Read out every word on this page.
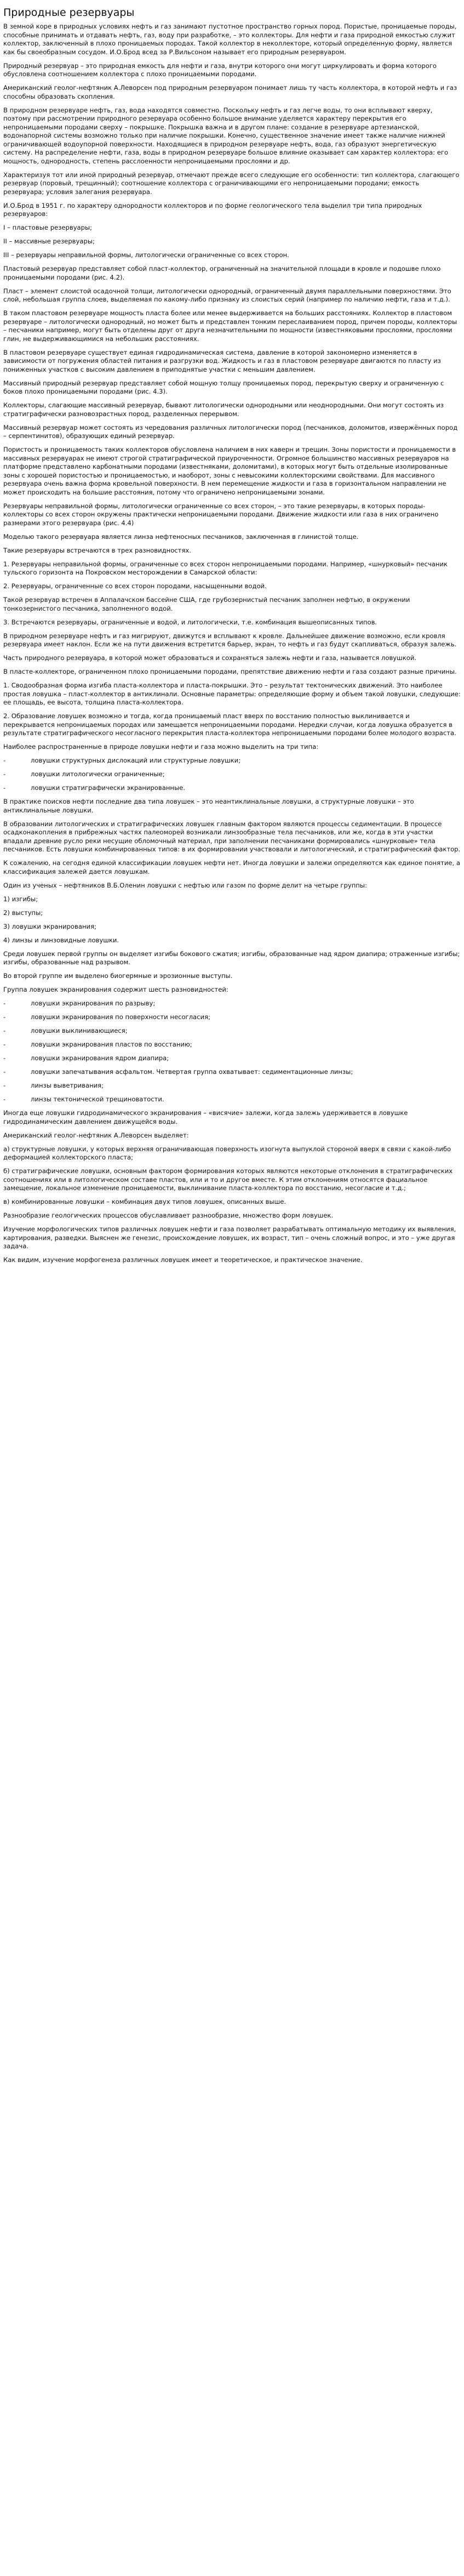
Природные резервуары

В земной коре в природных условиях нефть и газ занимают пустотное пространство горных пород. Пористые, проницаемые породы, способные принимать и отдавать нефть, газ, воду при разработке, – это коллекторы. Для нефти и газа природной емкостью служит коллектор, заключенный в плохо проницаемых породах. Такой коллектор в неколлекторе, который определенную форму, является как бы своеобразным сосудом. И.О.Брод всед за Р.Вильсоном называет его природным резервуаром.

Природный резервуар – это природная емкость для нефти и газа, внутри которого они могут циркулировать и форма которого обусловлена соотношением коллектора с плохо проницаемыми породами.

Американский геолог-нефтяник А.Леворсен под природным резервуаром понимает лишь ту часть коллектора, в которой нефть и газ способны образовать скопления.

В природном резервуаре нефть, газ, вода находятся совместно. Поскольку нефть и газ легче воды, то они всплывают кверху, поэтому при рассмотрении природного резервуара особенно большое внимание уделяется характеру перекрытия его непроницаемыми породами сверху – покрышке. Покрышка важна и в другом плане: создание в резервуаре артезианской, водонапорной системы возможно только при наличие покрышки. Конечно, существенное значение имеет также наличие нижней ограничивающей водоупорной поверхности. Находящиеся в природном резервуаре нефть, вода, газ образуют энергетическую систему. На распределение нефти, газа, воды в природном резервуаре большое влияние оказывает сам характер коллектора: его мощность, однородность, степень расслоенности непроницаемыми прослоями и др.

Характеризуя тот или иной природный резервуар, отмечают прежде всего следующие его особенности: тип коллектора, слагающего резервуар (поровый, трещинный); соотношение коллектора с ограничивающими его непроницаемыми породами; емкость резервуара; условия залегания резервуара.

И.О.Брод в 1951 г. по характеру однородности коллекторов и по форме геологического тела выделил три типа природных резервуаров:

I – пластовые резервуары;

II – массивные резервуары;

III – резервуары неправильной формы, литологически ограниченные со всех сторон.

Пластовый резервуар представляет собой пласт-коллектор, ограниченный на значительной площади в кровле и подошве плохо проницаемыми породами (рис. 4.2).

Пласт – элемент слоистой осадочной толщи, литологически однородный, ограниченный двумя параллельными поверхностями. Это слой, небольшая группа слоев, выделяемая по какому-либо признаку из слоистых серий (например по наличию нефти, газа и т.д.).

В таком пластовом резервуаре мощность пласта более или менее выдерживается на больших расстояниях. Коллектор в пластовом резервуаре – литологически однородный, но может быть и представлен тонким переслаиванием пород, причем породы, коллекторы – песчаники например, могут быть отделены друг от друга незначительными по мощности (известняковыми прослоями, прослоями глин, не выдерживающимися на небольших расстояниях.

В пластовом резервуаре существует единая гидродинамическая система, давление в которой закономерно изменяется в зависимости от погружения областей питания и разгрузки вод. Жидкость и газ в пластовом резервуаре двигаются по пласту из пониженных участков с высоким давлением в приподнятые участки с меньшим давлением.

Массивный природный резервуар представляет собой мощную толщу проницаемых пород, перекрытую сверху и ограниченную с боков плохо проницаемыми породами (рис. 4.3).

Коллекторы, слагающие массивный резервуар, бывают литологически однородными или неоднородными. Они могут состоять из стратиграфически разновозрастных пород, разделенных перерывом.

Массивный резервуар может состоять из чередования различных литологически пород (песчаников, доломитов, извержённых пород – серпентинитов), образующих единый резервуар.

Пористость и проницаемость таких коллекторов обусловлена наличием в них каверн и трещин. Зоны пористости и проницаемости в массивных резервуарах не имеют строгой стратиграфической приуроченности. Огромное большинство массивных резервуаров на платформе представлено карбонатными породами (известняками, доломитами), в которых могут быть отдельные изолированные зоны с хорошей пористостью и проницаемостью, и наоборот, зоны с невысокими коллекторскими свойствами. Для массивного резервуара очень важна форма кровельной поверхности. В нем перемещение жидкости и газа в горизонтальном направлении не может происходить на большие расстояния, потому что ограничено непроницаемыми зонами.

Резервуары неправильной формы, литологически ограниченные со всех сторон, – это такие резервуары, в которых породы-коллекторы со всех сторон окружены практически непроницаемыми породами. Движение жидкости или газа в них ограничено размерами этого резервуара (рис. 4.4)

Моделью такого резервуара является линза нефтеносных песчаников, заключенная в глинистой толще.

Такие резервуары встречаются в трех разновидностях.

1. Резервуары неправильной формы, ограниченные со всех сторон непроницаемыми породами. Например, «шнурковый» песчаник тульского горизонта на Покровском месторождении в Самарской области:

2. Резервуары, ограниченные со всех сторон породами, насыщенными водой.

Такой резервуар встречен в Аппалачском бассейне США, где грубозернистый песчаник заполнен нефтью, в окружении тонкозернистого песчаника, заполненного водой.

3. Встречаются резервуары, ограниченные и водой, и литологически, т.е. комбинация вышеописанных типов.

В природном резервуаре нефть и газ мигрируют, движутся и всплывают к кровле. Дальнейшее движение возможно, если кровля резервуара имеет наклон. Если же на пути движения встретится барьер, экран, то нефть и газ будут скапливаться, образуя залежь.

Часть природного резервуара, в которой может образоваться и сохраняться залежь нефти и газа, называется ловушкой.

В пласте-коллекторе, ограниченном плохо проницаемыми породами, препятствие движению нефти и газа создают разные причины.

1. Сводообразная форма изгиба пласта-коллектора и пласта-покрышки. Это – результат тектонических движений. Это наиболее простая ловушка – пласт-коллектор в антиклинали. Основные параметры: определяющие форму и объем такой ловушки, следующие: ее площадь, ее высота, толщина пласта-коллектора.

2. Образование ловушек возможно и тогда, когда проницаемый пласт вверх по восстанию полностью выклинивается и перекрывается непроницаемых породах или замещается непроницаемыми породами. Нередки случаи, когда ловушка образуется в результате стратиграфического несогласного перекрытия пласта-коллектора непроницаемыми породами более молодого возраста.

Наиболее распространенные в природе ловушки нефти и газа можно выделить на три типа:

-	ловушки структурных дислокаций или структурные ловушки;
-	ловушки литологически ограниченные;
-	ловушки стратиграфически экранированные.

В практике поисков нефти последние два типа ловушек – это неантиклинальные ловушки, а структурные ловушки – это антиклинальные ловушки.

В образовании литологических и стратиграфических ловушек главным фактором являются процессы седиментации. В процессе осадконакопления в прибрежных частях палеоморей возникали линзообразные тела песчаников, или же, когда в эти участки впадали древние русло реки несущие обломочный материал, при заполнении песчаниками формировались «шнурковые» тела песчаников. Есть ловушки комбинированных типов: в их формировании участвовали и литологический, и стратиграфический фактор.

К сожалению, на сегодня единой классификации ловушек нефти нет. Иногда ловушки и залежи определяются как единое понятие, а классификация залежей дается ловушкам.

Один из ученых – нефтяников В.Б.Оленин ловушки с нефтью или газом по форме делит на четыре группы:

1) изгибы;

2) выступы;

3) ловушки экранирования;

4) линзы и линзовидные ловушки.

Среди ловушек первой группы он выделяет изгибы бокового сжатия; изгибы, образованные над ядром диапира; отраженные изгибы; изгибы, образованные над разрывом.

Во второй группе им выделено биогермные и эрозионные выступы.

Группа ловушек экранирования содержит шесть разновидностей:

-	ловушки экранирования по разрыву;
-	ловушки экранирования по поверхности несогласия;
-	ловушки выклинивающиеся;
-	ловушки экранирования пластов по восстанию;
-	ловушки экранирования ядром диапира;
-	ловушки запечатывания асфальтом. Четвертая группа охватывает: седиментационные линзы;
-	линзы выветривания;
-	линзы тектонической трещиноватости.

Иногда еще ловушки гидродинамического экранирования – «висячие» залежи, когда залежь удерживается в ловушке гидродинамическим давлением движущейся воды.

Американский геолог-нефтяник А.Леворсен выделяет:

а) структурные ловушки, у которых верхняя ограничивающая поверхность изогнута выпуклой стороной вверх в связи с какой-либо деформацией коллекторского пласта;

б) стратиграфические ловушки, основным фактором формирования которых являются некоторые отклонения в стратиграфических соотношениях или в литологическом составе пластов, или и то и другое вместе. К этим отклонениям относятся фациальное замещение, локальное изменение проницаемости, выклинивание пласта-коллектора по восстанию, несогласие и т.д.;

в) комбинированные ловушки – комбинация двух типов ловушек, описанных выше.

Разнообразие геологических процессов обуславливает разнообразие, множество форм ловушек.

Изучение морфологических типов различных ловушек нефти и газа позволяет разрабатывать оптимальную методику их выявления, картирования, разведки. Выяснен же генезис, происхождение ловушек, их возраст, тип – очень сложный вопрос, и это – уже другая задача.

Как видим, изучение морфогенеза различных ловушек имеет и теоретическое, и практическое значение.
